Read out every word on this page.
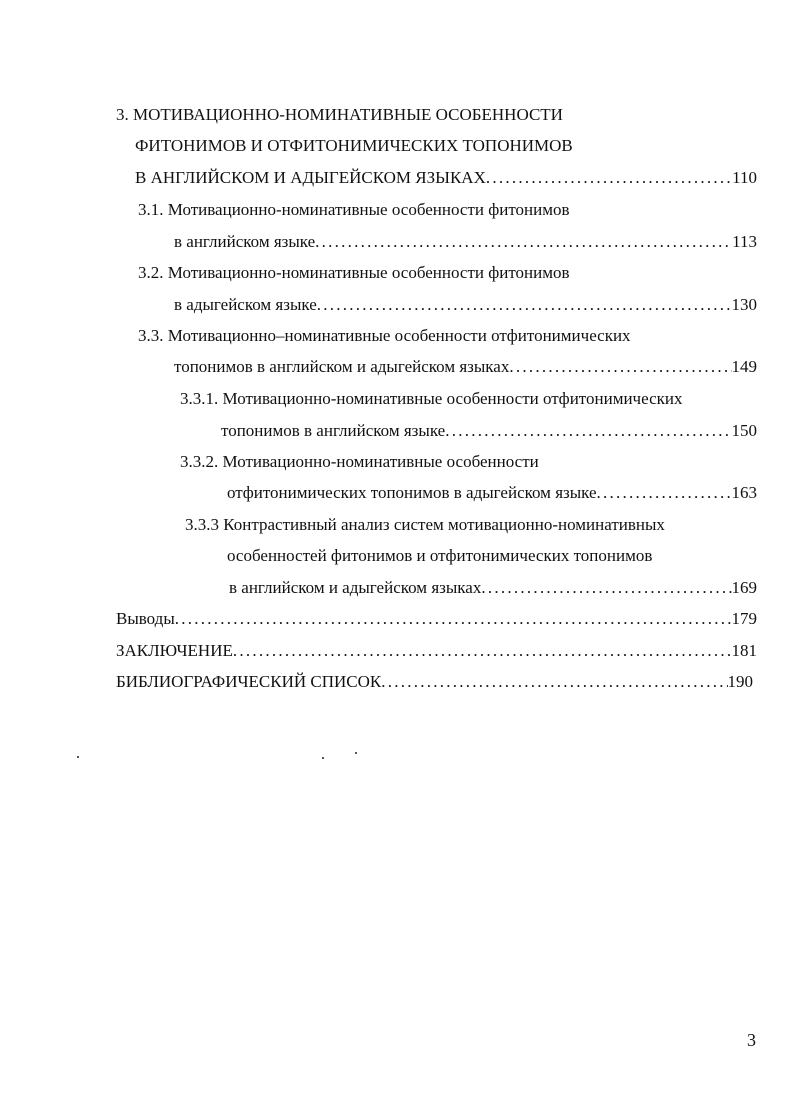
3. МОТИВАЦИОННО-НОМИНАТИВНЫЕ ОСОБЕННОСТИ
ФИТОНИМОВ И ОТФИТОНИМИЧЕСКИХ ТОПОНИМОВ
В АНГЛИЙСКОМ И АДЫГЕЙСКОМ ЯЗЫКАХ . . .	110
3.1. Мотивационно-номинативные особенности фитонимов
в английском языке . . .	113
3.2. Мотивационно-номинативные особенности фитонимов
в адыгейском языке . . .	130
3.3. Мотивационно–номинативные особенности отфитонимических
топонимов в английском и адыгейском языках . . .	149
3.3.1. Мотивационно-номинативные особенности отфитонимических
топонимов в английском языке . . .	150
3.3.2. Мотивационно-номинативные особенности
отфитонимических топонимов в адыгейском языке . . .	163
3.3.3 Контрастивный анализ систем мотивационно-номинативных
особенностей фитонимов и отфитонимических топонимов
в английском и адыгейском языках . . .	169
Выводы . . .	179
ЗАКЛЮЧЕНИЕ . . .	181
БИБЛИОГРАФИЧЕСКИЙ СПИСОК . . .	190
3
